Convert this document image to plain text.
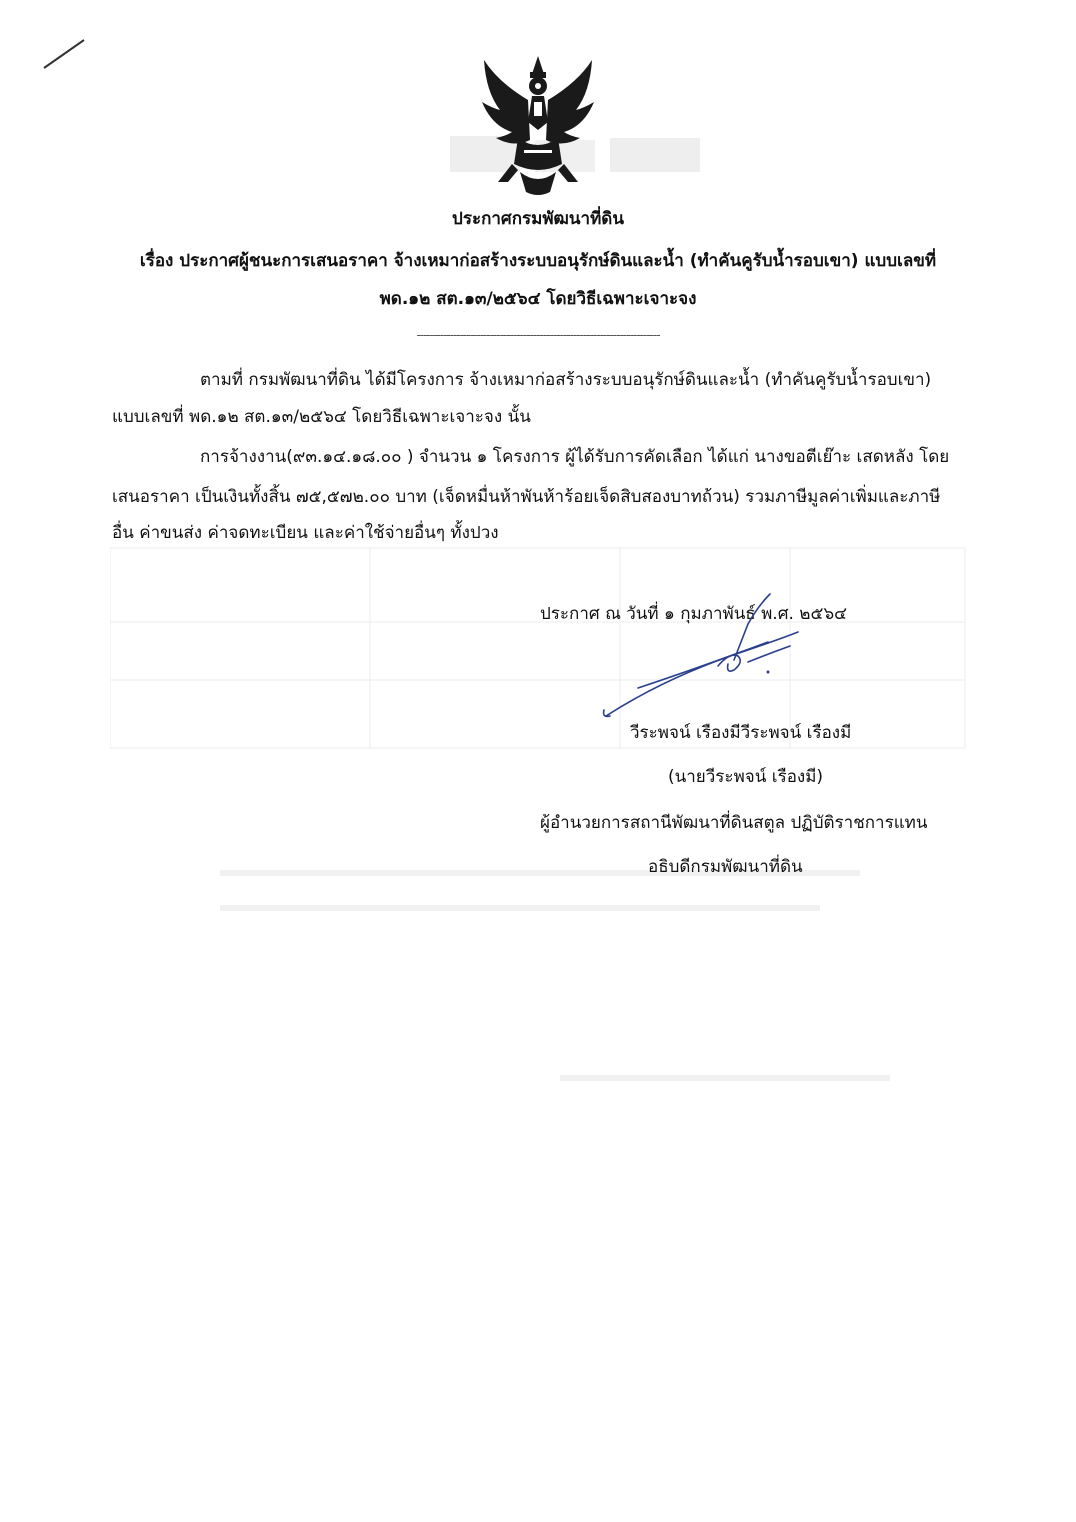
ประกาศกรมพัฒนาที่ดิน
เรื่อง ประกาศผู้ชนะการเสนอราคา จ้างเหมาก่อสร้างระบบอนุรักษ์ดินและน้ำ (ทำคันคูรับน้ำรอบเขา) แบบเลขที่
พด.๑๒ สต.๑๓/๒๕๖๔ โดยวิธีเฉพาะเจาะจง
-------------------------------------------------------------------------
ตามที่ กรมพัฒนาที่ดิน ได้มีโครงการ จ้างเหมาก่อสร้างระบบอนุรักษ์ดินและน้ำ (ทำคันคูรับน้ำรอบเขา)
แบบเลขที่ พด.๑๒ สต.๑๓/๒๕๖๔ โดยวิธีเฉพาะเจาะจง นั้น
การจ้างงาน(๙๓.๑๔.๑๘.๐๐ ) จำนวน ๑ โครงการ ผู้ได้รับการคัดเลือก ได้แก่ นางขอตีเย๊าะ เสดหลัง โดย
เสนอราคา เป็นเงินทั้งสิ้น ๗๕,๕๗๒.๐๐ บาท (เจ็ดหมื่นห้าพันห้าร้อยเจ็ดสิบสองบาทถ้วน) รวมภาษีมูลค่าเพิ่มและภาษี
อื่น ค่าขนส่ง ค่าจดทะเบียน และค่าใช้จ่ายอื่นๆ ทั้งปวง
ประกาศ ณ วันที่ ๑ กุมภาพันธ์ พ.ศ. ๒๕๖๔
วีระพจน์ เรืองมีวีระพจน์ เรืองมี
(นายวีระพจน์ เรืองมี)
ผู้อำนวยการสถานีพัฒนาที่ดินสตูล ปฏิบัติราชการแทน
อธิบดีกรมพัฒนาที่ดิน
